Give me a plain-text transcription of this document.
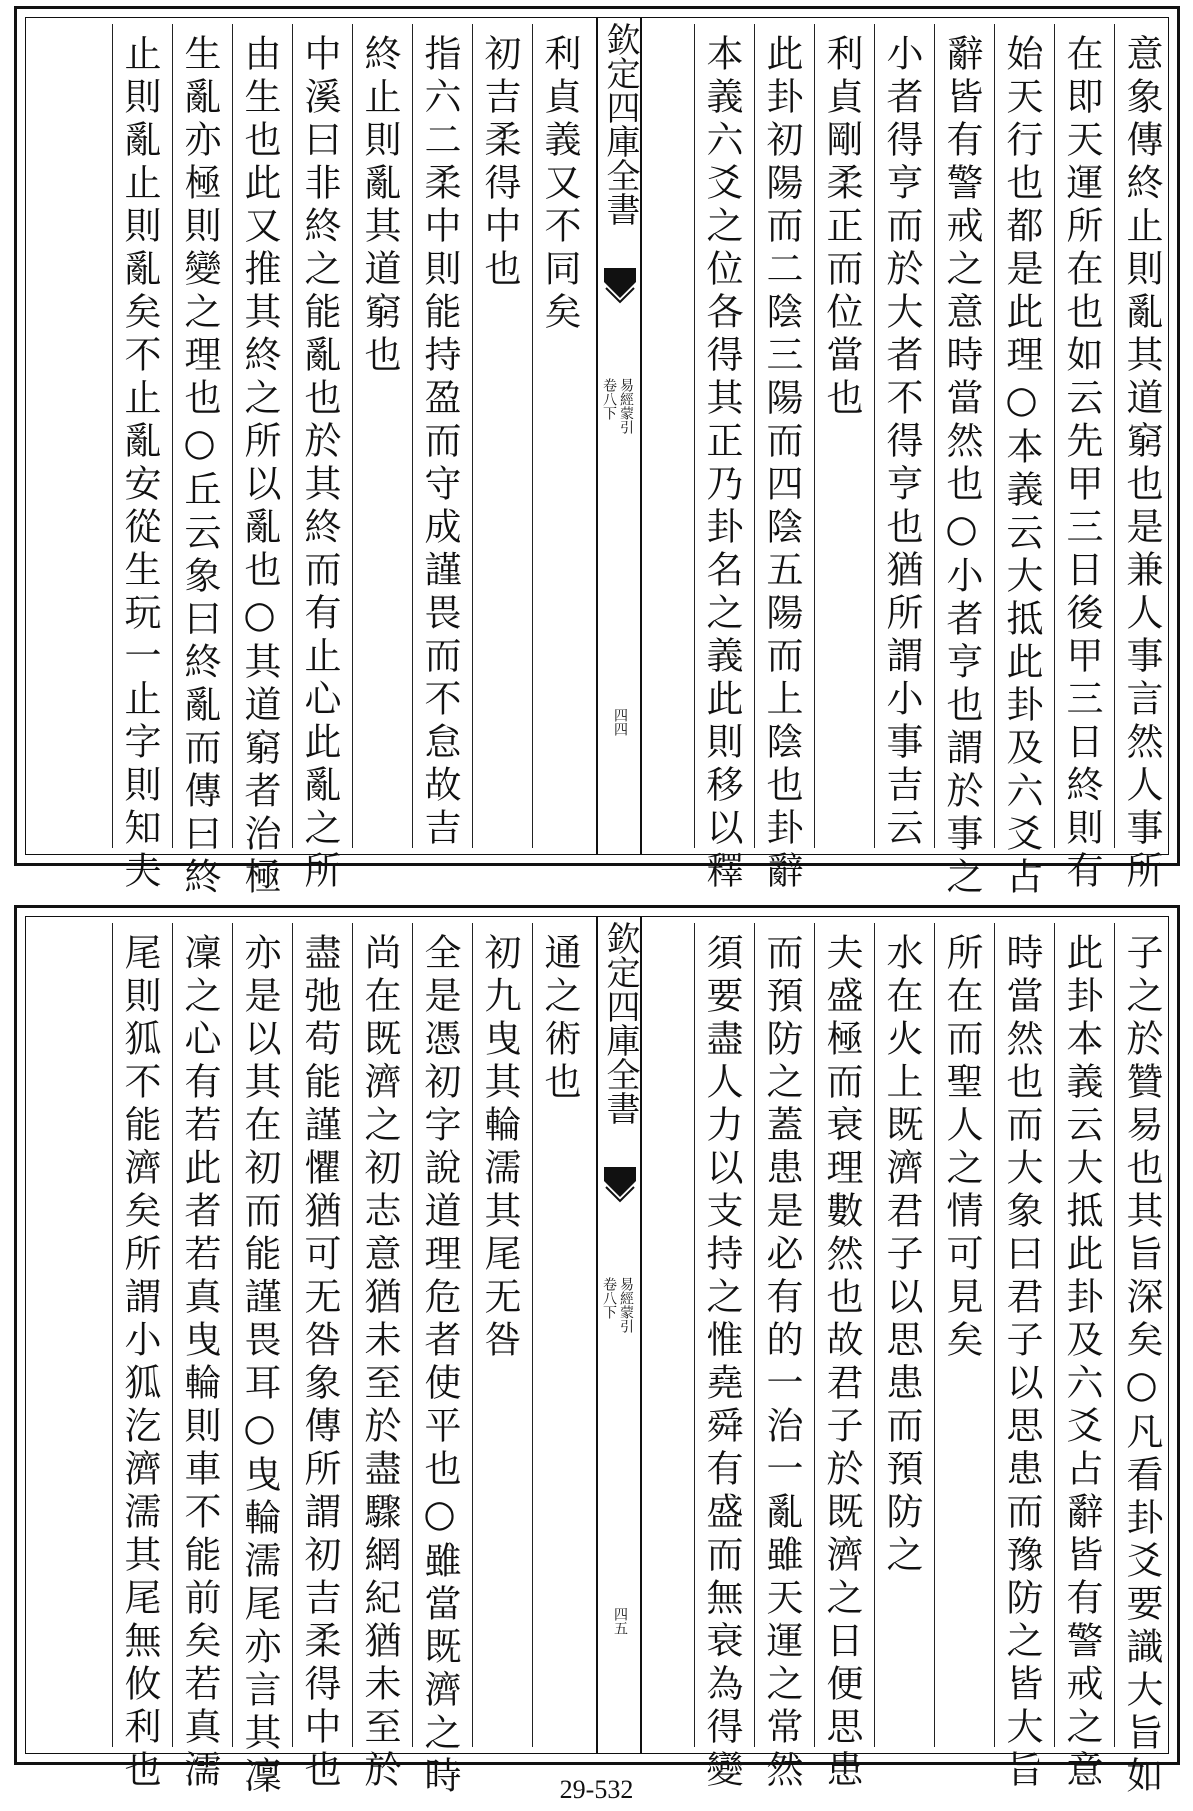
意象傳終止則亂其道窮也是兼人事言然人事所
在即天運所在也如云先甲三日後甲三日終則有
始天行也都是此理○本義云大抵此卦及六爻占
辭皆有警戒之意時當然也○小者亨也謂於事之
小者得亨而於大者不得亨也猶所謂小事吉云
利貞剛柔正而位當也
此卦初陽而二陰三陽而四陰五陽而上陰也卦辭
本義六爻之位各得其正乃卦名之義此則移以釋
欽定四庫全書
易經蒙引
卷八下
四四
利貞義又不同矣
初吉柔得中也
指六二柔中則能持盈而守成謹畏而不怠故吉
終止則亂其道窮也
中溪曰非終之能亂也於其終而有止心此亂之所
由生也此又推其終之所以亂也○其道窮者治極
生亂亦極則變之理也○丘云象曰終亂而傳曰終
止則亂止則亂矣不止亂安從生玩一止字則知夫
子之於贊易也其旨深矣○凡看卦爻要識大旨如
此卦本義云大抵此卦及六爻占辭皆有警戒之意
時當然也而大象曰君子以思患而豫防之皆大旨
所在而聖人之情可見矣
水在火上既濟君子以思患而預防之
夫盛極而衰理數然也故君子於既濟之日便思患
而預防之蓋患是必有的一治一亂雖天運之常然
須要盡人力以支持之惟堯舜有盛而無衰為得變
欽定四庫全書
易經蒙引
卷八下
四五
通之術也
初九曳其輪濡其尾无咎
全是憑初字說道理危者使平也○雖當既濟之時
尚在既濟之初志意猶未至於盡驟網紀猶未至於
盡弛苟能謹懼猶可无咎象傳所謂初吉柔得中也
亦是以其在初而能謹畏耳○曳輪濡尾亦言其凜
凜之心有若此者若真曳輪則車不能前矣若真濡
尾則狐不能濟矣所謂小狐汔濟濡其尾無攸利也	29-532
